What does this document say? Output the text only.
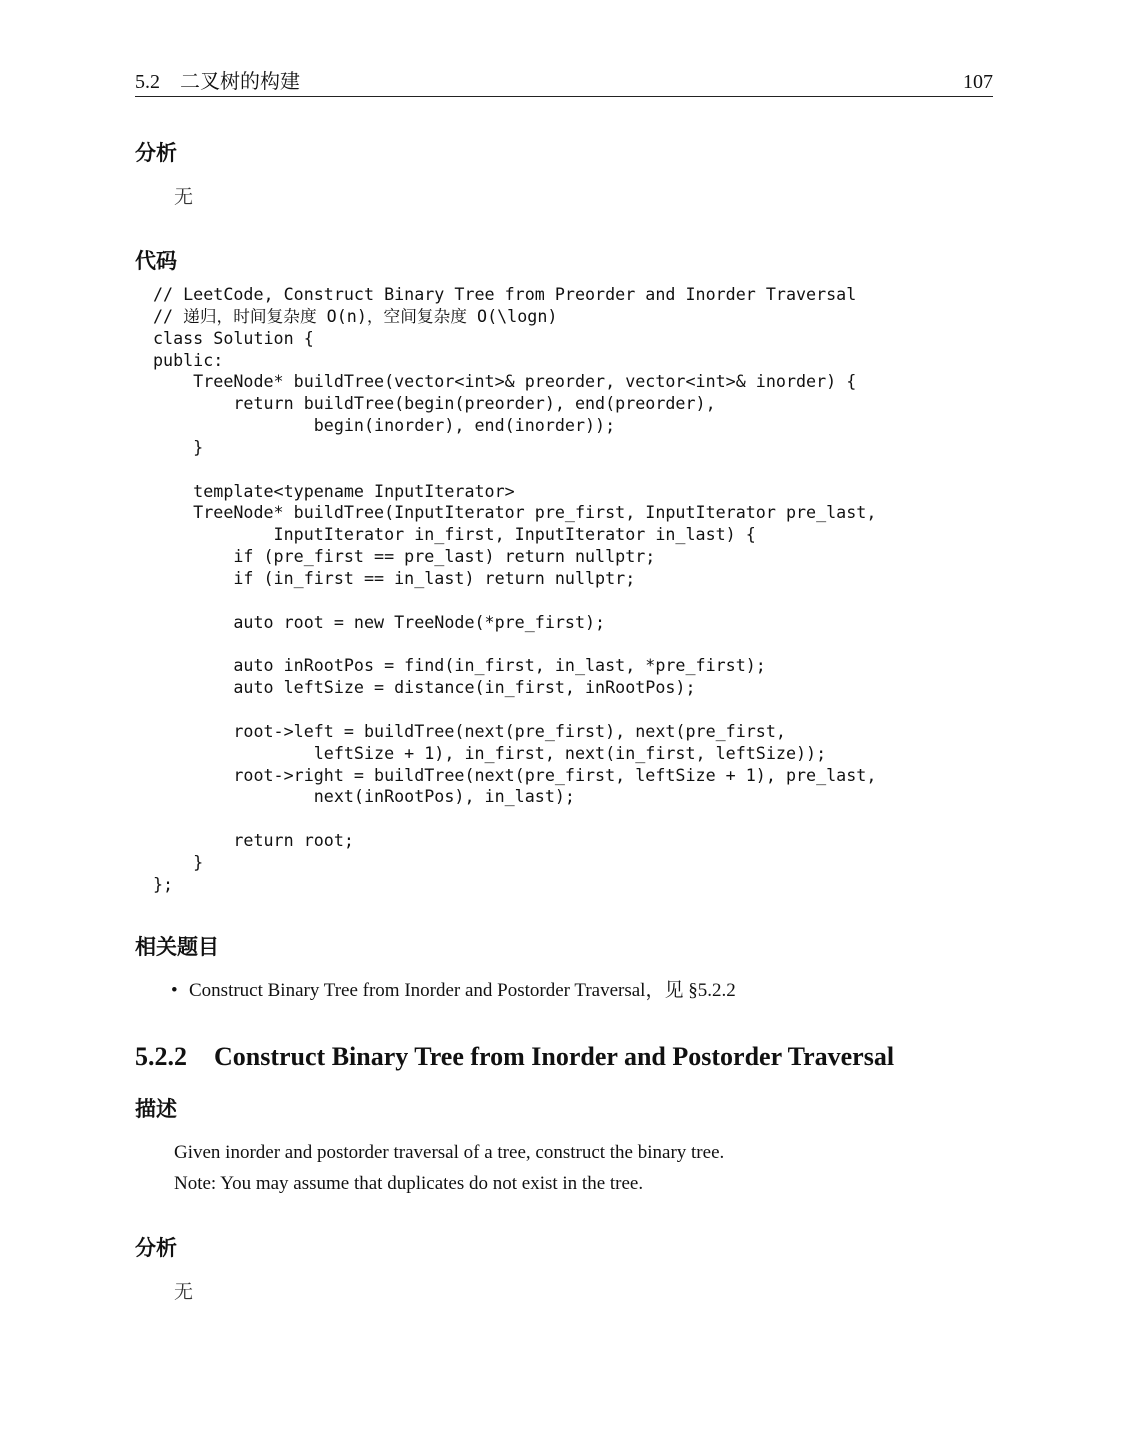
5.2　二叉树的构建	107
分析
无
代码
// LeetCode, Construct Binary Tree from Preorder and Inorder Traversal
// 递归，时间复杂度 O(n)，空间复杂度 O(\logn)
class Solution {
public:
TreeNode* buildTree(vector<int>& preorder, vector<int>& inorder) {
return buildTree(begin(preorder), end(preorder),
begin(inorder), end(inorder));
}
template<typename InputIterator>
TreeNode* buildTree(InputIterator pre_first, InputIterator pre_last,
InputIterator in_first, InputIterator in_last) {
if (pre_first == pre_last) return nullptr;
if (in_first == in_last) return nullptr;
auto root = new TreeNode(*pre_first);
auto inRootPos = find(in_first, in_last, *pre_first);
auto leftSize = distance(in_first, inRootPos);
root->left = buildTree(next(pre_first), next(pre_first,
leftSize + 1), in_first, next(in_first, leftSize));
root->right = buildTree(next(pre_first, leftSize + 1), pre_last,
next(inRootPos), in_last);
return root;
}
};
相关题目
• Construct Binary Tree from Inorder and Postorder Traversal，见 §5.2.2
5.2.2 Construct Binary Tree from Inorder and Postorder Traversal
描述
Given inorder and postorder traversal of a tree, construct the binary tree.
Note: You may assume that duplicates do not exist in the tree.
分析
无
